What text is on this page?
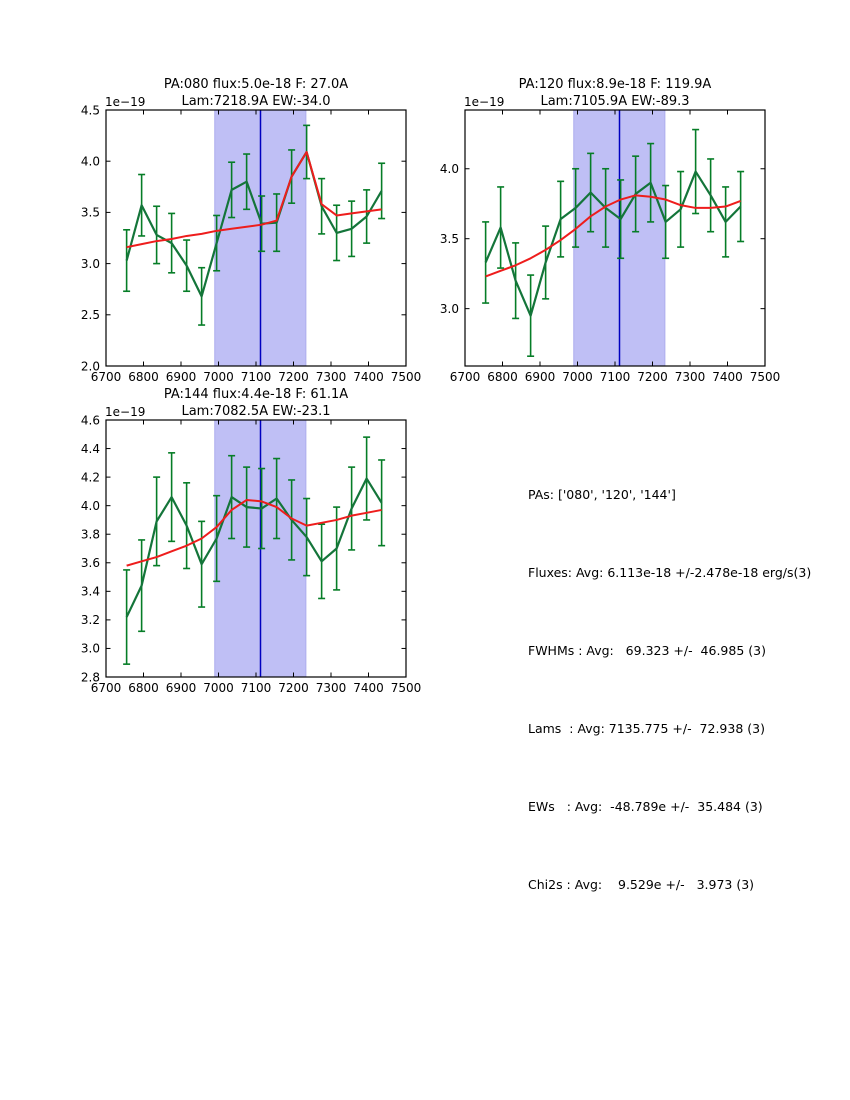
6700 6800 6900 7000 7100 7200 7300 7400 7500
2.0
2.5
3.0
3.5
4.0
4.5
1e−19
PA:080 flux:5.0e-18 F: 27.0A
Lam:7218.9A EW:-34.0
6700 6800 6900 7000 7100 7200 7300 7400 7500
3.0
3.5
4.0
1e−19
PA:120 flux:8.9e-18 F: 119.9A
Lam:7105.9A EW:-89.3
6700 6800 6900 7000 7100 7200 7300 7400 7500
2.8
3.0
3.2
3.4
3.6
3.8
4.0
4.2
4.4
4.6
1e−19
PA:144 flux:4.4e-18 F: 61.1A
Lam:7082.5A EW:-23.1

PAs: ['080', '120', '144']

Fluxes: Avg: 6.113e-18 +/-2.478e-18 erg/s(3)

FWHMs : Avg:   69.323 +/-  46.985 (3)

Lams  : Avg: 7135.775 +/-  72.938 (3)

EWs   : Avg:  -48.789e +/-  35.484 (3)

Chi2s : Avg:    9.529e +/-   3.973 (3)
